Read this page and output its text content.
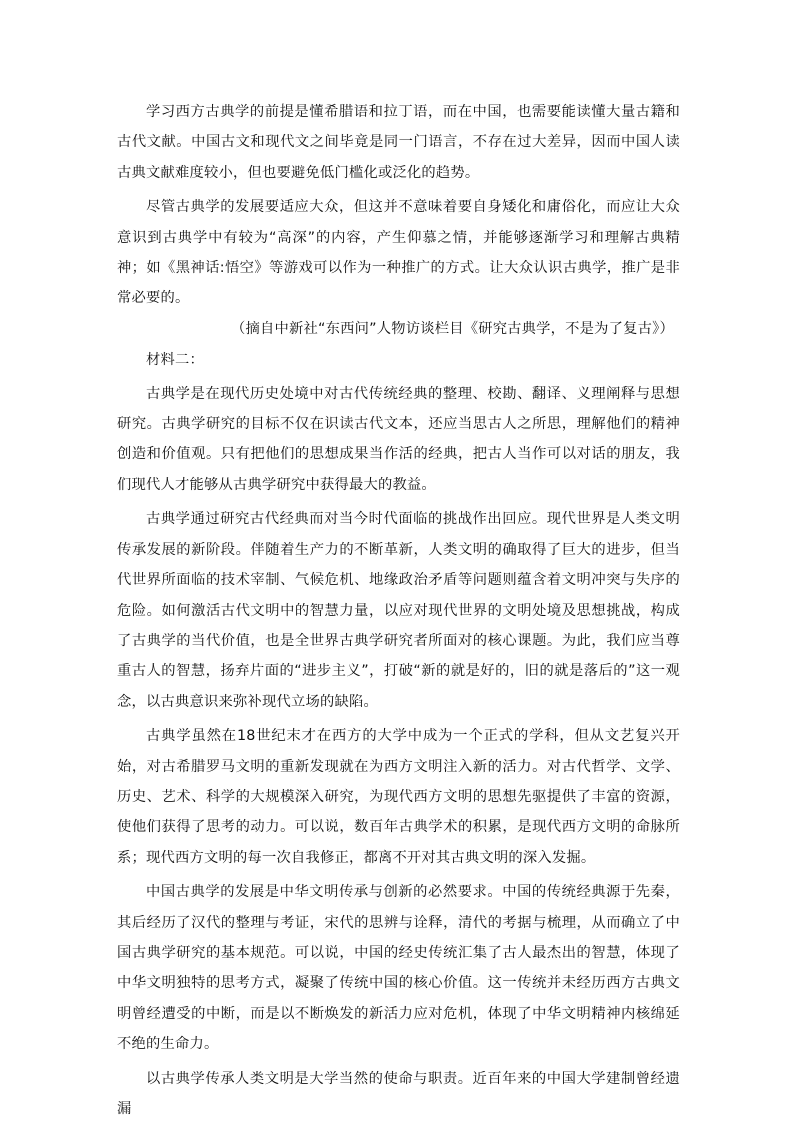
学习西方古典学的前提是懂希腊语和拉丁语，而在中国，也需要能读懂大量古籍和古代文献。中国古文和现代文之间毕竟是同一门语言，不存在过大差异，因而中国人读古典文献难度较小，但也要避免低门槛化或泛化的趋势。

尽管古典学的发展要适应大众，但这并不意味着要自身矮化和庸俗化，而应让大众意识到古典学中有较为“高深”的内容，产生仰慕之情，并能够逐渐学习和理解古典精神；如《黑神话:悟空》等游戏可以作为一种推广的方式。让大众认识古典学，推广是非常必要的。

（摘自中新社“东西问”人物访谈栏目《研究古典学，不是为了复古》）

材料二：

古典学是在现代历史处境中对古代传统经典的整理、校勘、翻译、义理阐释与思想研究。古典学研究的目标不仅在识读古代文本，还应当思古人之所思，理解他们的精神创造和价值观。只有把他们的思想成果当作活的经典，把古人当作可以对话的朋友，我们现代人才能够从古典学研究中获得最大的教益。

古典学通过研究古代经典而对当今时代面临的挑战作出回应。现代世界是人类文明传承发展的新阶段。伴随着生产力的不断革新，人类文明的确取得了巨大的进步，但当代世界所面临的技术宰制、气候危机、地缘政治矛盾等问题则蕴含着文明冲突与失序的危险。如何激活古代文明中的智慧力量，以应对现代世界的文明处境及思想挑战，构成了古典学的当代价值，也是全世界古典学研究者所面对的核心课题。为此，我们应当尊重古人的智慧，扬弃片面的“进步主义”，打破“新的就是好的，旧的就是落后的”这一观念，以古典意识来弥补现代立场的缺陷。

古典学虽然在18世纪末才在西方的大学中成为一个正式的学科，但从文艺复兴开始，对古希腊罗马文明的重新发现就在为西方文明注入新的活力。对古代哲学、文学、历史、艺术、科学的大规模深入研究，为现代西方文明的思想先驱提供了丰富的资源，使他们获得了思考的动力。可以说，数百年古典学术的积累，是现代西方文明的命脉所系；现代西方文明的每一次自我修正，都离不开对其古典文明的深入发掘。

中国古典学的发展是中华文明传承与创新的必然要求。中国的传统经典源于先秦，其后经历了汉代的整理与考证，宋代的思辨与诠释，清代的考据与梳理，从而确立了中国古典学研究的基本规范。可以说，中国的经史传统汇集了古人最杰出的智慧，体现了中华文明独特的思考方式，凝聚了传统中国的核心价值。这一传统并未经历西方古典文明曾经遭受的中断，而是以不断焕发的新活力应对危机，体现了中华文明精神内核绵延不绝的生命力。

以古典学传承人类文明是大学当然的使命与职责。近百年来的中国大学建制曾经遗漏
